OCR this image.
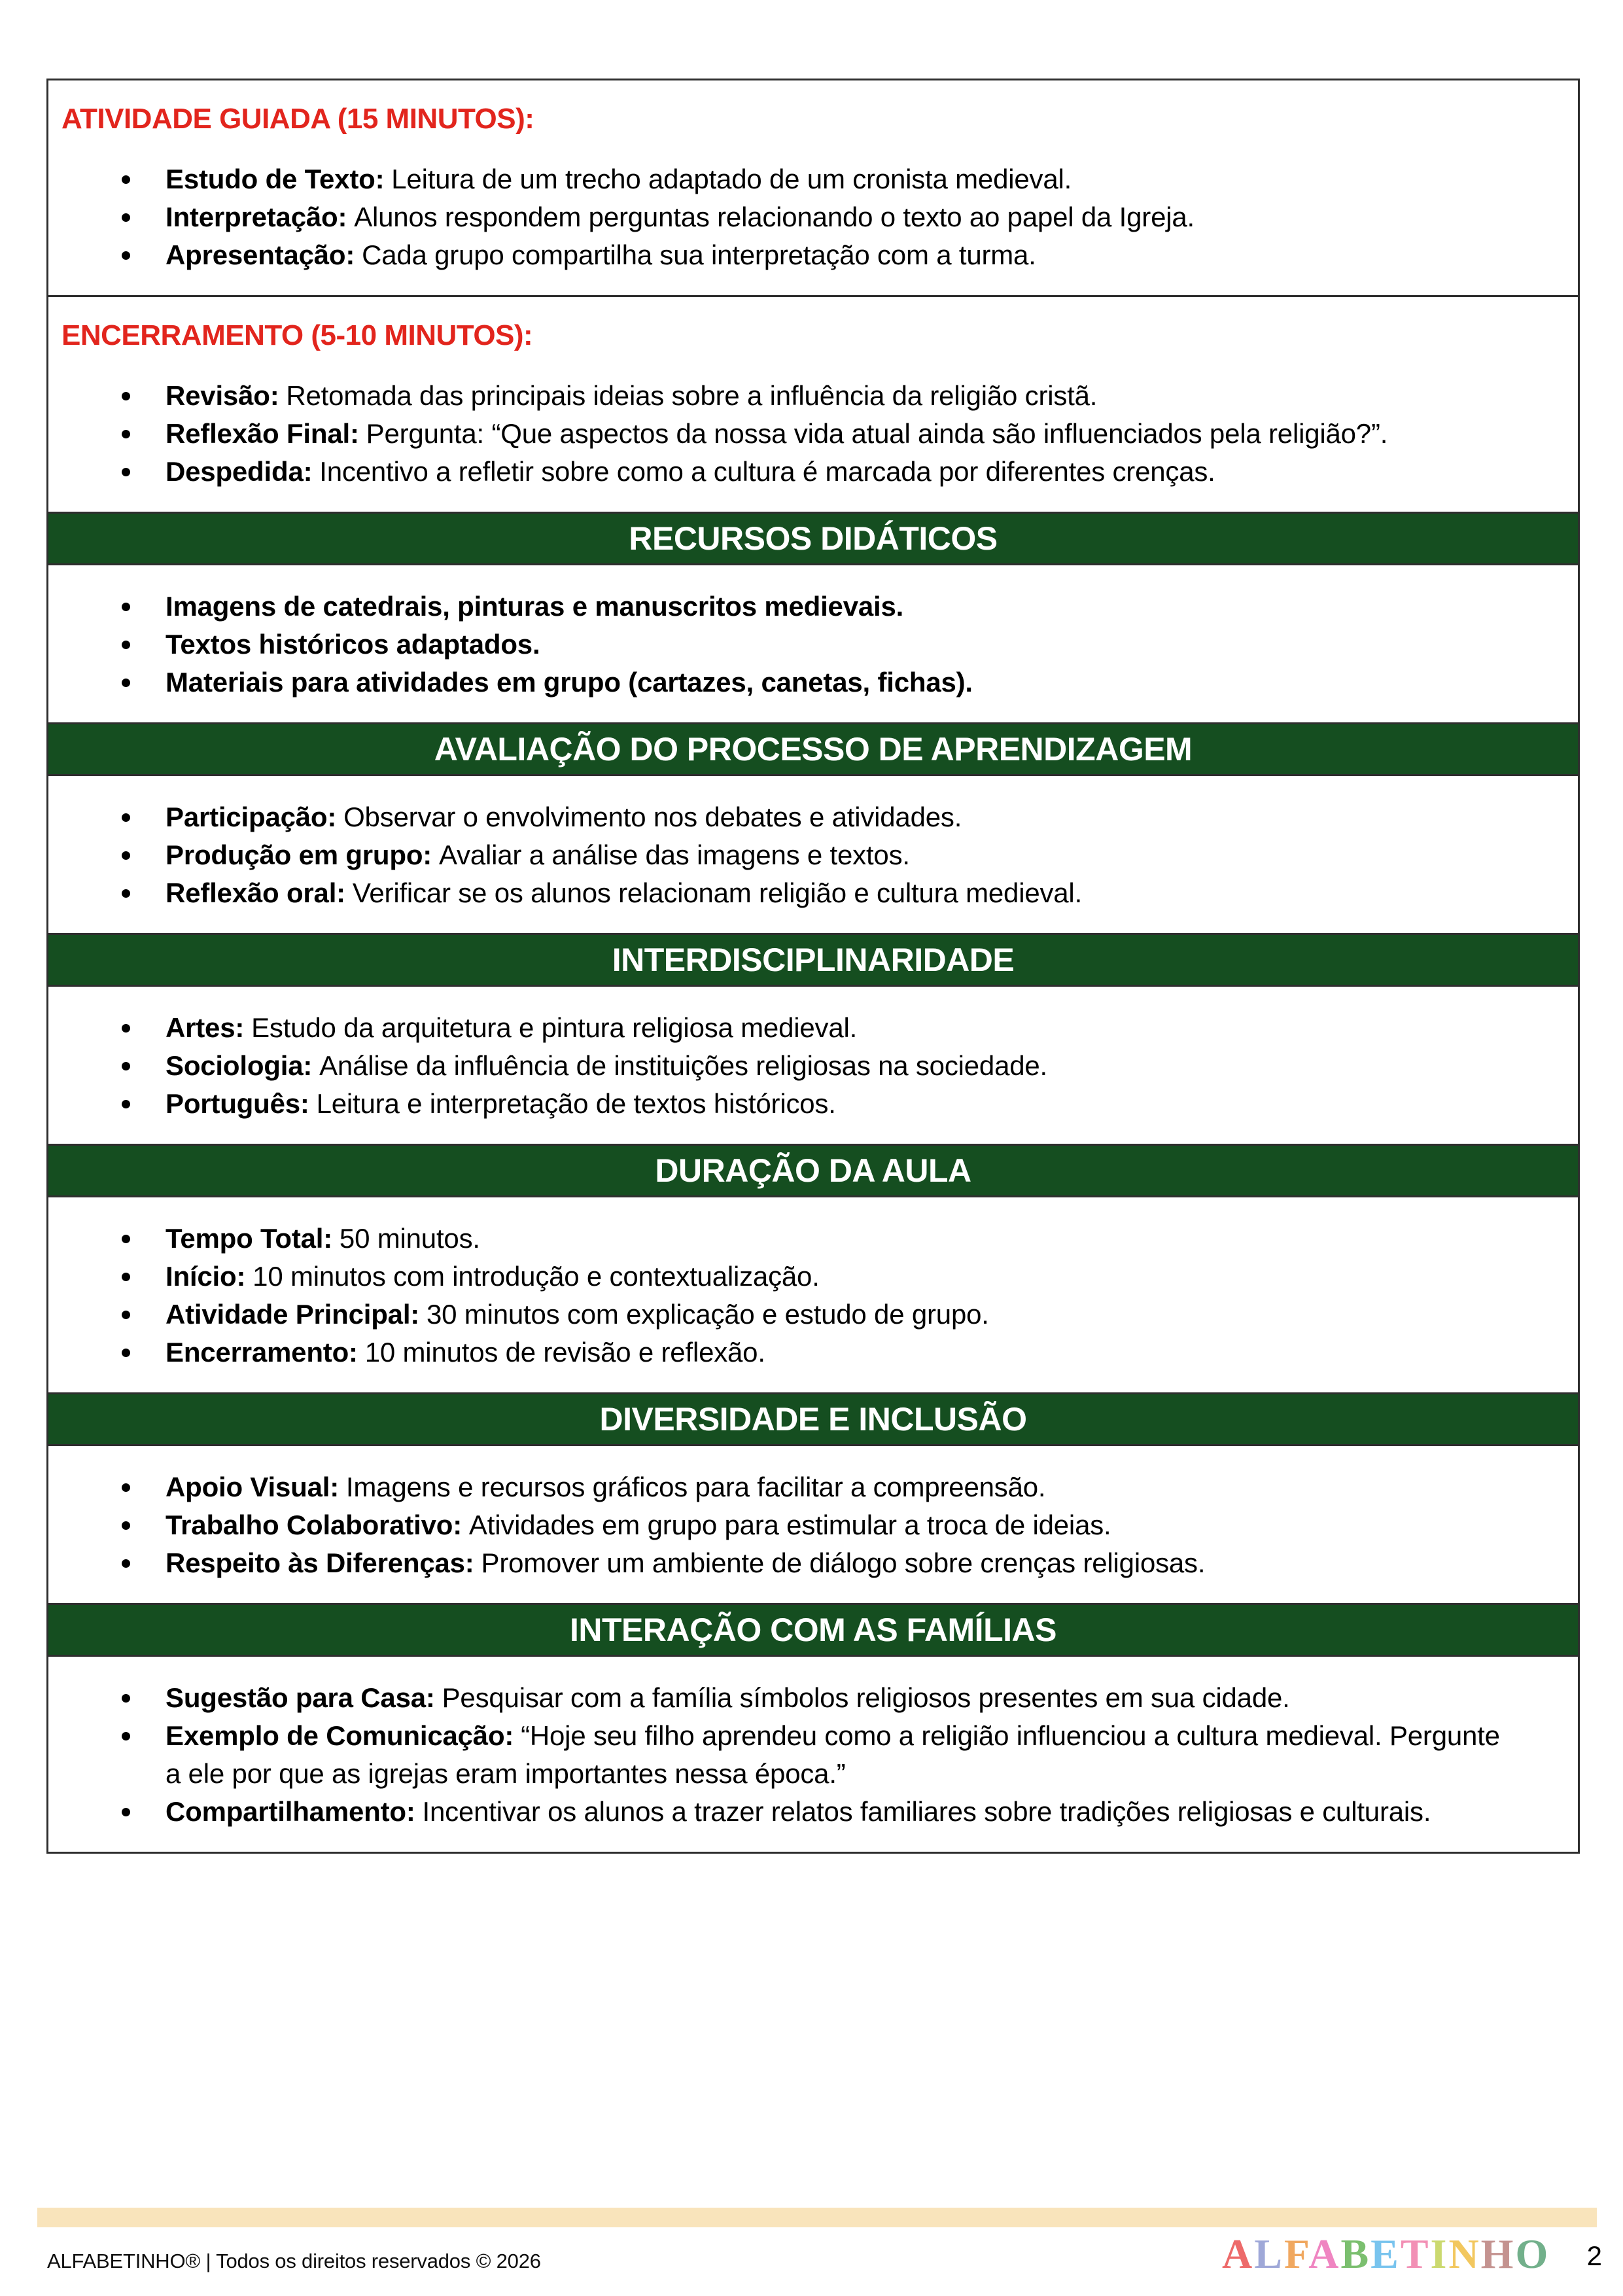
ATIVIDADE GUIADA (15 MINUTOS):
Estudo de Texto: Leitura de um trecho adaptado de um cronista medieval.
Interpretação: Alunos respondem perguntas relacionando o texto ao papel da Igreja.
Apresentação: Cada grupo compartilha sua interpretação com a turma.
ENCERRAMENTO (5-10 MINUTOS):
Revisão: Retomada das principais ideias sobre a influência da religião cristã.
Reflexão Final: Pergunta: “Que aspectos da nossa vida atual ainda são influenciados pela religião?”.
Despedida: Incentivo a refletir sobre como a cultura é marcada por diferentes crenças.
RECURSOS DIDÁTICOS
Imagens de catedrais, pinturas e manuscritos medievais.
Textos históricos adaptados.
Materiais para atividades em grupo (cartazes, canetas, fichas).
AVALIAÇÃO DO PROCESSO DE APRENDIZAGEM
Participação: Observar o envolvimento nos debates e atividades.
Produção em grupo: Avaliar a análise das imagens e textos.
Reflexão oral: Verificar se os alunos relacionam religião e cultura medieval.
INTERDISCIPLINARIDADE
Artes: Estudo da arquitetura e pintura religiosa medieval.
Sociologia: Análise da influência de instituições religiosas na sociedade.
Português: Leitura e interpretação de textos históricos.
DURAÇÃO DA AULA
Tempo Total: 50 minutos.
Início: 10 minutos com introdução e contextualização.
Atividade Principal: 30 minutos com explicação e estudo de grupo.
Encerramento: 10 minutos de revisão e reflexão.
DIVERSIDADE E INCLUSÃO
Apoio Visual: Imagens e recursos gráficos para facilitar a compreensão.
Trabalho Colaborativo: Atividades em grupo para estimular a troca de ideias.
Respeito às Diferenças: Promover um ambiente de diálogo sobre crenças religiosas.
INTERAÇÃO COM AS FAMÍLIAS
Sugestão para Casa: Pesquisar com a família símbolos religiosos presentes em sua cidade.
Exemplo de Comunicação: “Hoje seu filho aprendeu como a religião influenciou a cultura medieval. Pergunte a ele por que as igrejas eram importantes nessa época.”
Compartilhamento: Incentivar os alunos a trazer relatos familiares sobre tradições religiosas e culturais.
ALFABETINHO® | Todos os direitos reservados © 2026	ALFABETINHO 2
